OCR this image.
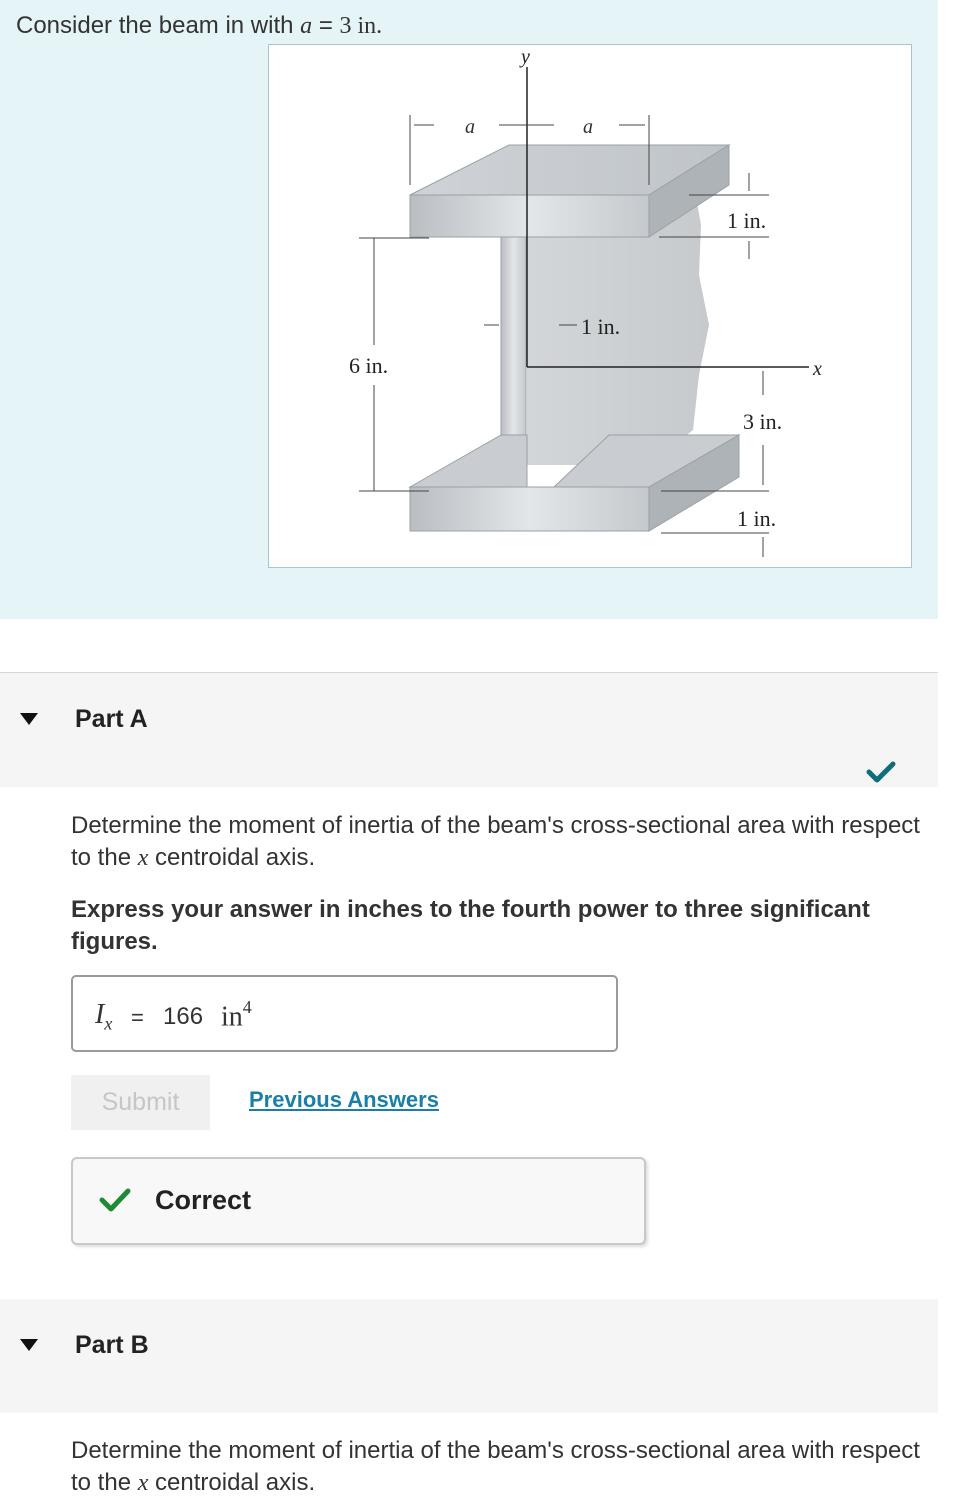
Consider the beam in with a = 3 in.
y
x
a	a
6 in.
1 in.
1 in.
3 in.
1 in.
Part A
Determine the moment of inertia of the beam's cross-sectional area with respect to the x centroidal axis.
Express your answer in inches to the fourth power to three significant figures.
$I_x = 166$ $in^4$
Submit	Previous Answers
Correct
Part B
Determine the moment of inertia of the beam's cross-sectional area with respect to the x centroidal axis.
